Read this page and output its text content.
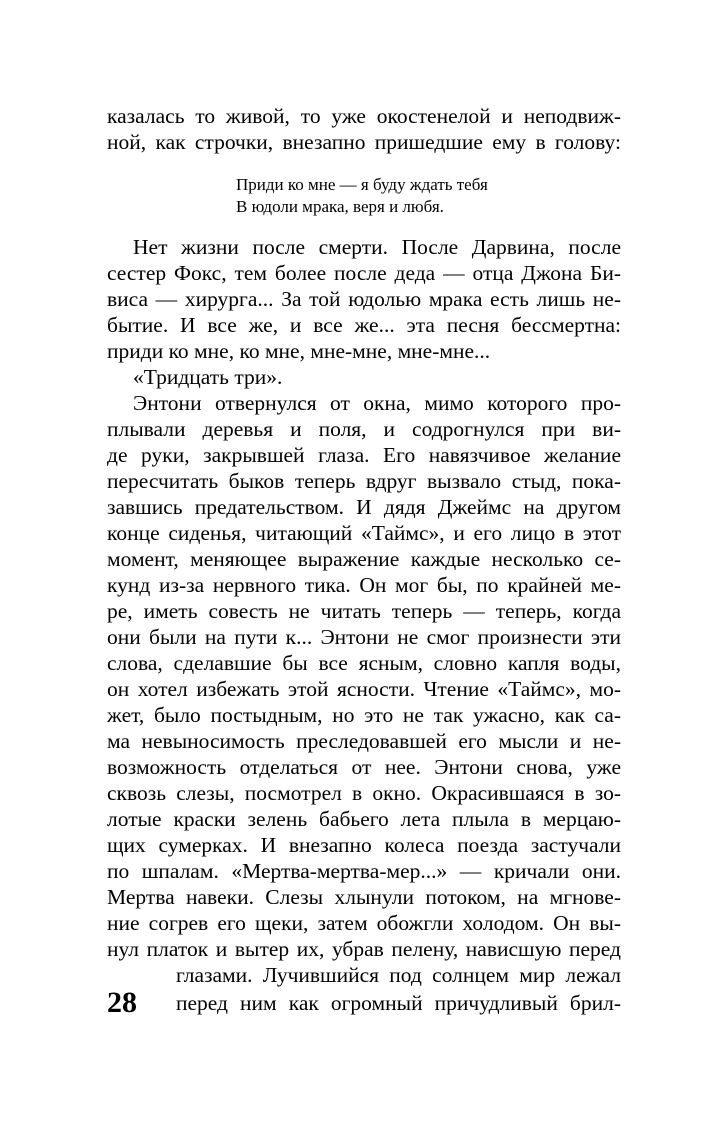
казалась то живой, то уже окостенелой и неподвиж-
ной, как строчки, внезапно пришедшие ему в голову:
Приди ко мне — я буду ждать тебя
В юдоли мрака, веря и любя.
Нет жизни после смерти. После Дарвина, после
сестер Фокс, тем более после деда — отца Джона Би-
виса — хирурга... За той юдолью мрака есть лишь не-
бытие. И все же, и все же... эта песня бессмертна:
приди ко мне, ко мне, мне-мне, мне-мне...
«Тридцать три».
Энтони отвернулся от окна, мимо которого про-
плывали деревья и поля, и содрогнулся при ви-
де руки, закрывшей глаза. Его навязчивое желание
пересчитать быков теперь вдруг вызвало стыд, пока-
завшись предательством. И дядя Джеймс на другом
конце сиденья, читающий «Таймс», и его лицо в этот
момент, меняющее выражение каждые несколько се-
кунд из-за нервного тика. Он мог бы, по крайней ме-
ре, иметь совесть не читать теперь — теперь, когда
они были на пути к... Энтони не смог произнести эти
слова, сделавшие бы все ясным, словно капля воды,
он хотел избежать этой ясности. Чтение «Таймс», мо-
жет, было постыдным, но это не так ужасно, как са-
ма невыносимость преследовавшей его мысли и не-
возможность отделаться от нее. Энтони снова, уже
сквозь слезы, посмотрел в окно. Окрасившаяся в зо-
лотые краски зелень бабьего лета плыла в мерцаю-
щих сумерках. И внезапно колеса поезда застучали
по шпалам. «Мертва-мертва-мер...» — кричали они.
Мертва навеки. Слезы хлынули потоком, на мгнове-
ние согрев его щеки, затем обожгли холодом. Он вы-
нул платок и вытер их, убрав пелену, нависшую перед
глазами. Лучившийся под солнцем мир лежал
перед ним как огромный причудливый брил-
28
